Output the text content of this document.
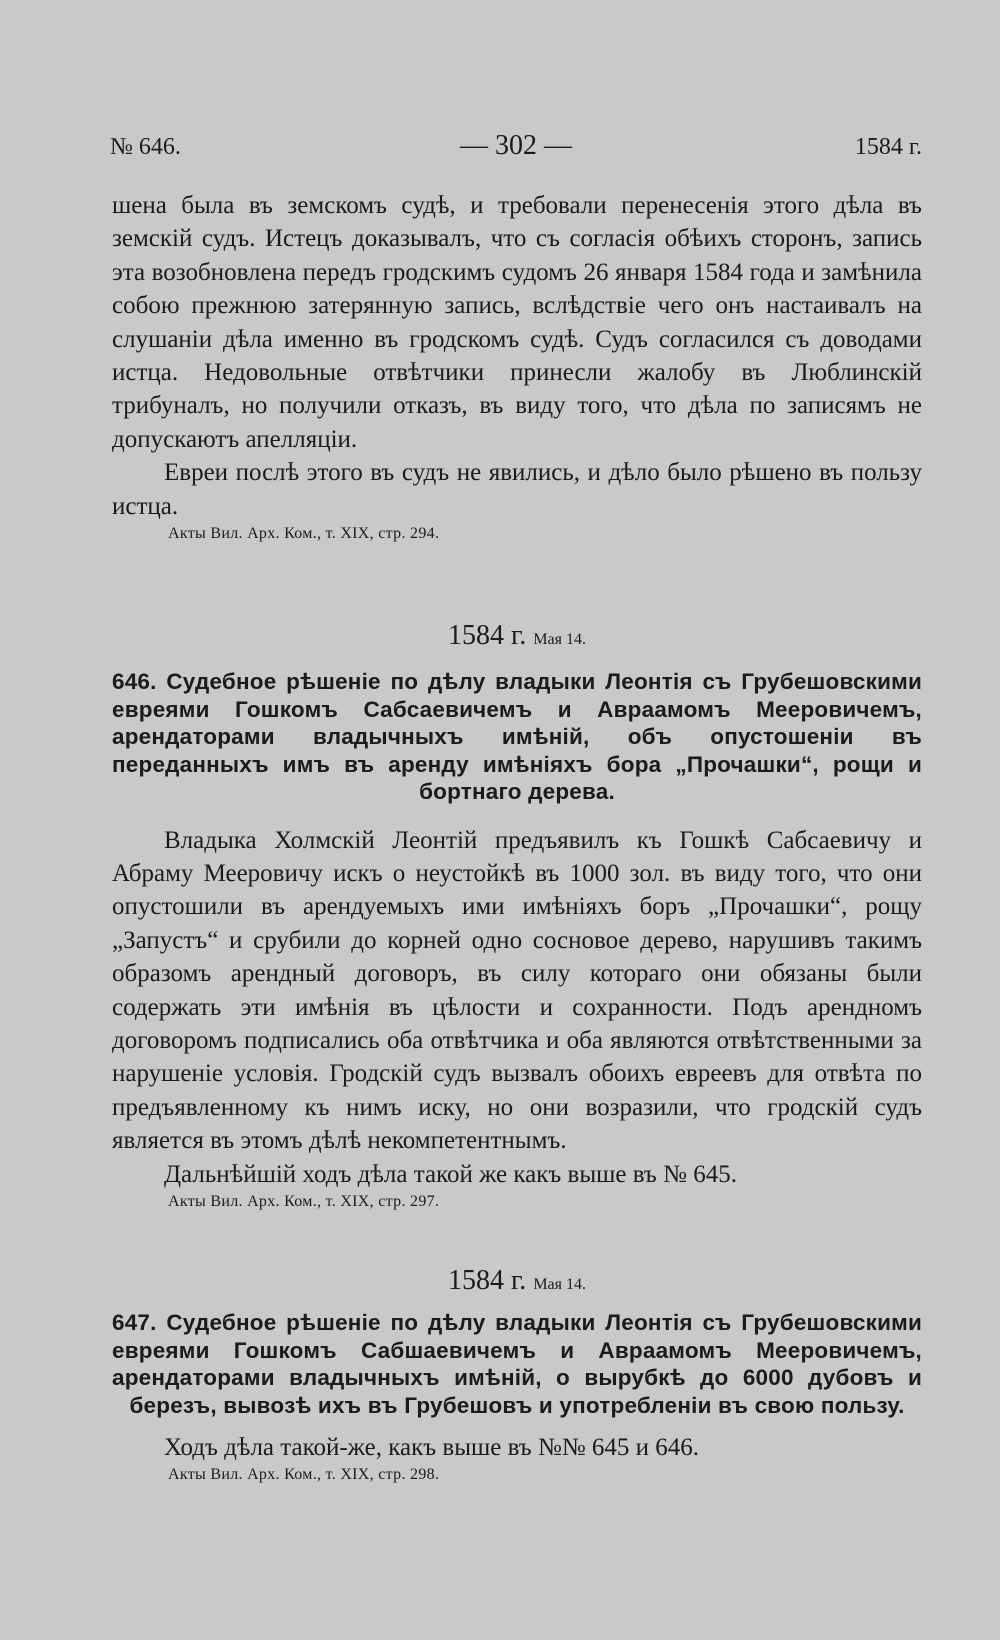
№ 646.	— 302 —	1584 г.

шена была въ земскомъ судѣ, и требовали перенесенія этого дѣла въ земскій судъ. Истецъ доказывалъ, что съ согласія обѣихъ сторонъ, запись эта возобновлена передъ гродскимъ судомъ 26 января 1584 года и замѣнила собою прежнюю затерянную запись, вслѣдствіе чего онъ настаивалъ на слушаніи дѣла именно въ гродскомъ судѣ. Судъ согласился съ доводами истца. Недовольные отвѣтчики принесли жалобу въ Люблинскій трибуналъ, но получили отказъ, въ виду того, что дѣла по записямъ не допускаютъ апелляціи.

Евреи послѣ этого въ судъ не явились, и дѣло было рѣшено въ пользу истца.

Акты Вил. Арх. Ком., т. XIX, стр. 294.

1584 г. Мая 14.

646. Судебное рѣшеніе по дѣлу владыки Леонтія съ Грубешовскими евреями Гошкомъ Сабсаевичемъ и Авраамомъ Мееровичемъ, арендаторами владычныхъ имѣній, объ опустошеніи въ переданныхъ имъ въ аренду имѣніяхъ бора „Прочашки“, рощи и бортнаго дерева.

Владыка Холмскій Леонтій предъявилъ къ Гошкѣ Сабсаевичу и Абраму Мееровичу искъ о неустойкѣ въ 1000 зол. въ виду того, что они опустошили въ арендуемыхъ ими имѣніяхъ боръ „Прочашки“, рощу „Запустъ“ и срубили до корней одно сосновое дерево, нарушивъ такимъ образомъ арендный договоръ, въ силу котораго они обязаны были содержать эти имѣнія въ цѣлости и сохранности. Подъ арендномъ договоромъ подписались оба отвѣтчика и оба являются отвѣтственными за нарушеніе условія. Гродскій судъ вызвалъ обоихъ евреевъ для отвѣта по предъявленному къ нимъ иску, но они возразили, что гродскій судъ является въ этомъ дѣлѣ некомпетентнымъ.

Дальнѣйшій ходъ дѣла такой же какъ выше въ № 645.

Акты Вил. Арх. Ком., т. XIX, стр. 297.

1584 г. Мая 14.

647. Судебное рѣшеніе по дѣлу владыки Леонтія съ Грубешовскими евреями Гошкомъ Сабшаевичемъ и Авраамомъ Мееровичемъ, арендаторами владычныхъ имѣній, о вырубкѣ до 6000 дубовъ и березъ, вывозѣ ихъ въ Грубешовъ и употребленіи въ свою пользу.

Ходъ дѣла такой-же, какъ выше въ №№ 645 и 646.

Акты Вил. Арх. Ком., т. XIX, стр. 298.
